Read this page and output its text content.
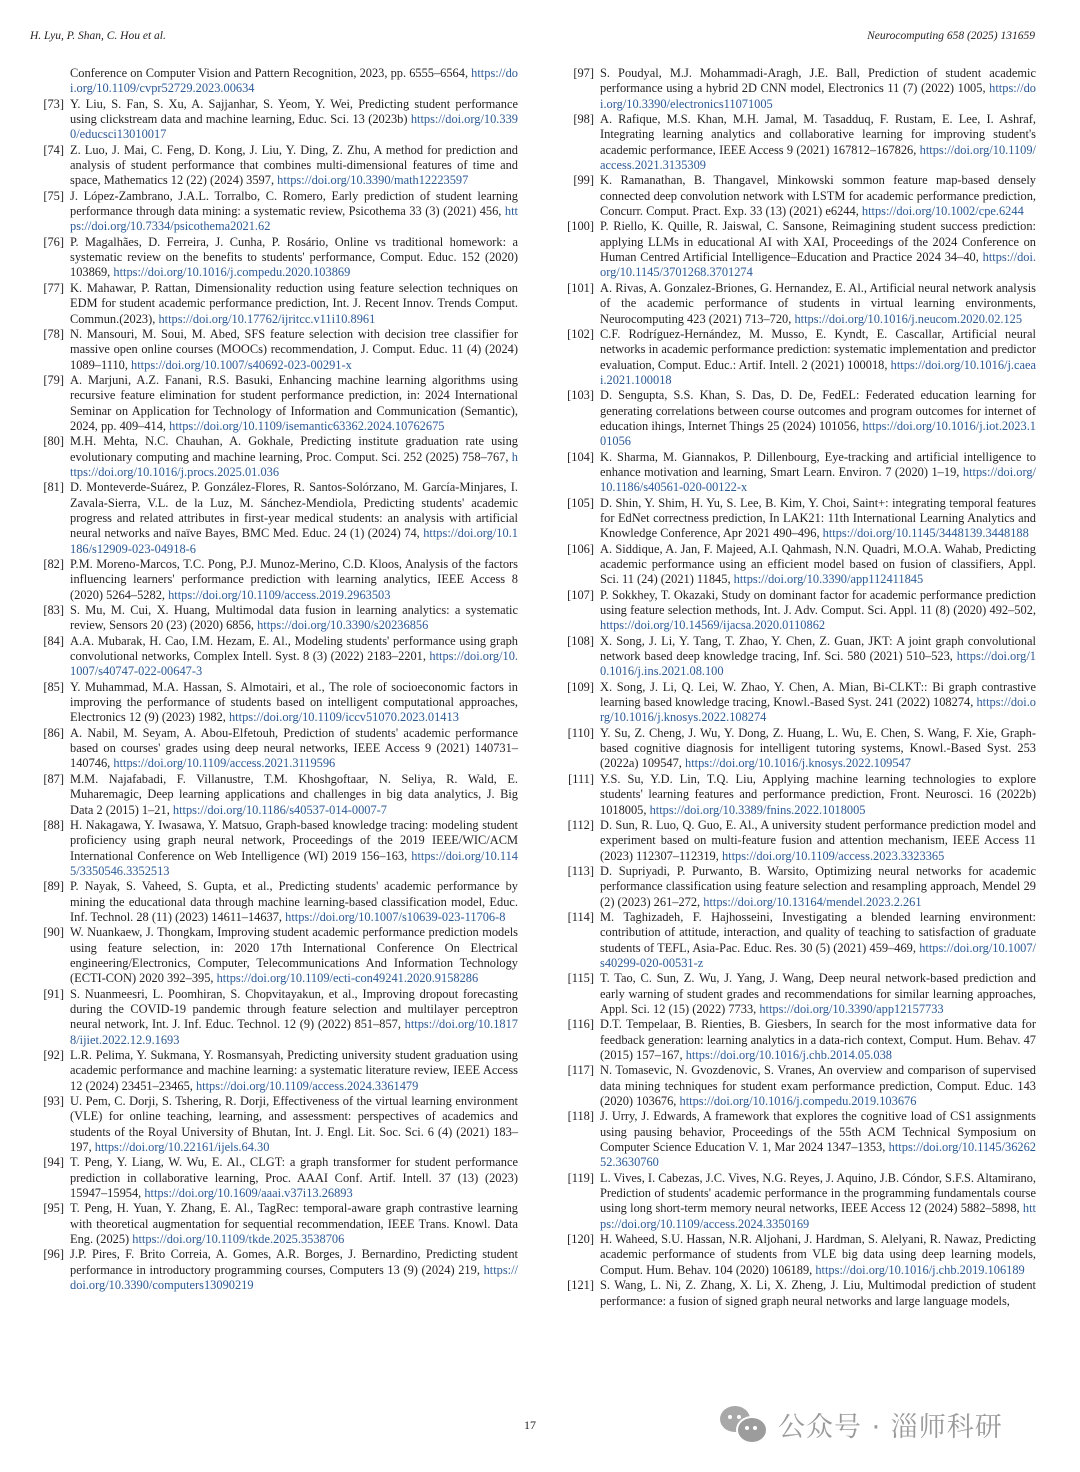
H. Lyu, P. Shan, C. Hou et al.	Neurocomputing 658 (2025) 131659
Conference on Computer Vision and Pattern Recognition, 2023, pp. 6555–6564, https://doi.org/10.1109/cvpr52729.2023.00634
[73] Y. Liu, S. Fan, S. Xu, A. Sajjanhar, S. Yeom, Y. Wei, Predicting student performance using clickstream data and machine learning, Educ. Sci. 13 (2023b) https://doi.org/10.3390/educsci13010017
[74] Z. Luo, J. Mai, C. Feng, D. Kong, J. Liu, Y. Ding, Z. Zhu, A method for prediction and analysis of student performance that combines multi-dimensional features of time and space, Mathematics 12 (22) (2024) 3597, https://doi.org/10.3390/math12223597
[75] J. López-Zambrano, J.A.L. Torralbo, C. Romero, Early prediction of student learning performance through data mining: a systematic review, Psicothema 33 (3) (2021) 456, https://doi.org/10.7334/psicothema2021.62
[76] P. Magalhães, D. Ferreira, J. Cunha, P. Rosário, Online vs traditional homework: a systematic review on the benefits to students' performance, Comput. Educ. 152 (2020) 103869, https://doi.org/10.1016/j.compedu.2020.103869
[77] K. Mahawar, P. Rattan, Dimensionality reduction using feature selection techniques on EDM for student academic performance prediction, Int. J. Recent Innov. Trends Comput. Commun.(2023), https://doi.org/10.17762/ijritcc.v11i10.8961
[78] N. Mansouri, M. Soui, M. Abed, SFS feature selection with decision tree classifier for massive open online courses (MOOCs) recommendation, J. Comput. Educ. 11 (4) (2024) 1089–1110, https://doi.org/10.1007/s40692-023-00291-x
[79] A. Marjuni, A.Z. Fanani, R.S. Basuki, Enhancing machine learning algorithms using recursive feature elimination for student performance prediction, in: 2024 International Seminar on Application for Technology of Information and Communication (Semantic), 2024, pp. 409–414, https://doi.org/10.1109/isemantic63362.2024.10762675
[80] M.H. Mehta, N.C. Chauhan, A. Gokhale, Predicting institute graduation rate using evolutionary computing and machine learning, Proc. Comput. Sci. 252 (2025) 758–767, https://doi.org/10.1016/j.procs.2025.01.036
[81] D. Monteverde-Suárez, P. González-Flores, R. Santos-Solórzano, M. García-Minjares, I. Zavala-Sierra, V.L. de la Luz, M. Sánchez-Mendiola, Predicting students' academic progress and related attributes in first-year medical students: an analysis with artificial neural networks and naïve Bayes, BMC Med. Educ. 24 (1) (2024) 74, https://doi.org/10.1186/s12909-023-04918-6
[82] P.M. Moreno-Marcos, T.C. Pong, P.J. Munoz-Merino, C.D. Kloos, Analysis of the factors influencing learners' performance prediction with learning analytics, IEEE Access 8 (2020) 5264–5282, https://doi.org/10.1109/access.2019.2963503
[83] S. Mu, M. Cui, X. Huang, Multimodal data fusion in learning analytics: a systematic review, Sensors 20 (23) (2020) 6856, https://doi.org/10.3390/s20236856
[84] A.A. Mubarak, H. Cao, I.M. Hezam, E. Al., Modeling students' performance using graph convolutional networks, Complex Intell. Syst. 8 (3) (2022) 2183–2201, https://doi.org/10.1007/s40747-022-00647-3
[85] Y. Muhammad, M.A. Hassan, S. Almotairi, et al., The role of socioeconomic factors in improving the performance of students based on intelligent computational approaches, Electronics 12 (9) (2023) 1982, https://doi.org/10.1109/iccv51070.2023.01413
[86] A. Nabil, M. Seyam, A. Abou-Elfetouh, Prediction of students' academic performance based on courses' grades using deep neural networks, IEEE Access 9 (2021) 140731–140746, https://doi.org/10.1109/access.2021.3119596
[87] M.M. Najafabadi, F. Villanustre, T.M. Khoshgoftaar, N. Seliya, R. Wald, E. Muharemagic, Deep learning applications and challenges in big data analytics, J. Big Data 2 (2015) 1–21, https://doi.org/10.1186/s40537-014-0007-7
[88] H. Nakagawa, Y. Iwasawa, Y. Matsuo, Graph-based knowledge tracing: modeling student proficiency using graph neural network, Proceedings of the 2019 IEEE/WIC/ACM International Conference on Web Intelligence (WI) 2019 156–163, https://doi.org/10.1145/3350546.3352513
[89] P. Nayak, S. Vaheed, S. Gupta, et al., Predicting students' academic performance by mining the educational data through machine learning-based classification model, Educ. Inf. Technol. 28 (11) (2023) 14611–14637, https://doi.org/10.1007/s10639-023-11706-8
[90] W. Nuankaew, J. Thongkam, Improving student academic performance prediction models using feature selection, in: 2020 17th International Conference On Electrical engineering/Electronics, Computer, Telecommunications And Information Technology (ECTI-CON) 2020 392–395, https://doi.org/10.1109/ecti-con49241.2020.9158286
[91] S. Nuanmeesri, L. Poomhiran, S. Chopvitayakun, et al., Improving dropout forecasting during the COVID-19 pandemic through feature selection and multilayer perceptron neural network, Int. J. Inf. Educ. Technol. 12 (9) (2022) 851–857, https://doi.org/10.18178/ijiet.2022.12.9.1693
[92] L.R. Pelima, Y. Sukmana, Y. Rosmansyah, Predicting university student graduation using academic performance and machine learning: a systematic literature review, IEEE Access 12 (2024) 23451–23465, https://doi.org/10.1109/access.2024.3361479
[93] U. Pem, C. Dorji, S. Tshering, R. Dorji, Effectiveness of the virtual learning environment (VLE) for online teaching, learning, and assessment: perspectives of academics and students of the Royal University of Bhutan, Int. J. Engl. Lit. Soc. Sci. 6 (4) (2021) 183–197, https://doi.org/10.22161/ijels.64.30
[94] T. Peng, Y. Liang, W. Wu, E. Al., CLGT: a graph transformer for student performance prediction in collaborative learning, Proc. AAAI Conf. Artif. Intell. 37 (13) (2023) 15947–15954, https://doi.org/10.1609/aaai.v37i13.26893
[95] T. Peng, H. Yuan, Y. Zhang, E. Al., TagRec: temporal-aware graph contrastive learning with theoretical augmentation for sequential recommendation, IEEE Trans. Knowl. Data Eng. (2025) https://doi.org/10.1109/tkde.2025.3538706
[96] J.P. Pires, F. Brito Correia, A. Gomes, A.R. Borges, J. Bernardino, Predicting student performance in introductory programming courses, Computers 13 (9) (2024) 219, https://doi.org/10.3390/computers13090219
[97] S. Poudyal, M.J. Mohammadi-Aragh, J.E. Ball, Prediction of student academic performance using a hybrid 2D CNN model, Electronics 11 (7) (2022) 1005, https://doi.org/10.3390/electronics11071005
[98] A. Rafique, M.S. Khan, M.H. Jamal, M. Tasadduq, F. Rustam, E. Lee, I. Ashraf, Integrating learning analytics and collaborative learning for improving student's academic performance, IEEE Access 9 (2021) 167812–167826, https://doi.org/10.1109/access.2021.3135309
[99] K. Ramanathan, B. Thangavel, Minkowski sommon feature map-based densely connected deep convolution network with LSTM for academic performance prediction, Concurr. Comput. Pract. Exp. 33 (13) (2021) e6244, https://doi.org/10.1002/cpe.6244
[100] P. Riello, K. Quille, R. Jaiswal, C. Sansone, Reimagining student success prediction: applying LLMs in educational AI with XAI, Proceedings of the 2024 Conference on Human Centred Artificial Intelligence–Education and Practice 2024 34–40, https://doi.org/10.1145/3701268.3701274
[101] A. Rivas, A. Gonzalez-Briones, G. Hernandez, E. Al., Artificial neural network analysis of the academic performance of students in virtual learning environments, Neurocomputing 423 (2021) 713–720, https://doi.org/10.1016/j.neucom.2020.02.125
[102] C.F. Rodríguez-Hernández, M. Musso, E. Kyndt, E. Cascallar, Artificial neural networks in academic performance prediction: systematic implementation and predictor evaluation, Comput. Educ.: Artif. Intell. 2 (2021) 100018, https://doi.org/10.1016/j.caeai.2021.100018
[103] D. Sengupta, S.S. Khan, S. Das, D. De, FedEL: Federated education learning for generating correlations between course outcomes and program outcomes for internet of education ihings, Internet Things 25 (2024) 101056, https://doi.org/10.1016/j.iot.2023.101056
[104] K. Sharma, M. Giannakos, P. Dillenbourg, Eye-tracking and artificial intelligence to enhance motivation and learning, Smart Learn. Environ. 7 (2020) 1–19, https://doi.org/10.1186/s40561-020-00122-x
[105] D. Shin, Y. Shim, H. Yu, S. Lee, B. Kim, Y. Choi, Saint+: integrating temporal features for EdNet correctness prediction, In LAK21: 11th International Learning Analytics and Knowledge Conference, Apr 2021 490–496, https://doi.org/10.1145/3448139.3448188
[106] A. Siddique, A. Jan, F. Majeed, A.I. Qahmash, N.N. Quadri, M.O.A. Wahab, Predicting academic performance using an efficient model based on fusion of classifiers, Appl. Sci. 11 (24) (2021) 11845, https://doi.org/10.3390/app112411845
[107] P. Sokkhey, T. Okazaki, Study on dominant factor for academic performance prediction using feature selection methods, Int. J. Adv. Comput. Sci. Appl. 11 (8) (2020) 492–502, https://doi.org/10.14569/ijacsa.2020.0110862
[108] X. Song, J. Li, Y. Tang, T. Zhao, Y. Chen, Z. Guan, JKT: A joint graph convolutional network based deep knowledge tracing, Inf. Sci. 580 (2021) 510–523, https://doi.org/10.1016/j.ins.2021.08.100
[109] X. Song, J. Li, Q. Lei, W. Zhao, Y. Chen, A. Mian, Bi-CLKT:: Bi graph contrastive learning based knowledge tracing, Knowl.-Based Syst. 241 (2022) 108274, https://doi.org/10.1016/j.knosys.2022.108274
[110] Y. Su, Z. Cheng, J. Wu, Y. Dong, Z. Huang, L. Wu, E. Chen, S. Wang, F. Xie, Graph-based cognitive diagnosis for intelligent tutoring systems, Knowl.-Based Syst. 253 (2022a) 109547, https://doi.org/10.1016/j.knosys.2022.109547
[111] Y.S. Su, Y.D. Lin, T.Q. Liu, Applying machine learning technologies to explore students' learning features and performance prediction, Front. Neurosci. 16 (2022b) 1018005, https://doi.org/10.3389/fnins.2022.1018005
[112] D. Sun, R. Luo, Q. Guo, E. Al., A university student performance prediction model and experiment based on multi-feature fusion and attention mechanism, IEEE Access 11 (2023) 112307–112319, https://doi.org/10.1109/access.2023.3323365
[113] D. Supriyadi, P. Purwanto, B. Warsito, Optimizing neural networks for academic performance classification using feature selection and resampling approach, Mendel 29 (2) (2023) 261–272, https://doi.org/10.13164/mendel.2023.2.261
[114] M. Taghizadeh, F. Hajhosseini, Investigating a blended learning environment: contribution of attitude, interaction, and quality of teaching to satisfaction of graduate students of TEFL, Asia-Pac. Educ. Res. 30 (5) (2021) 459–469, https://doi.org/10.1007/s40299-020-00531-z
[115] T. Tao, C. Sun, Z. Wu, J. Yang, J. Wang, Deep neural network-based prediction and early warning of student grades and recommendations for similar learning approaches, Appl. Sci. 12 (15) (2022) 7733, https://doi.org/10.3390/app12157733
[116] D.T. Tempelaar, B. Rienties, B. Giesbers, In search for the most informative data for feedback generation: learning analytics in a data-rich context, Comput. Hum. Behav. 47 (2015) 157–167, https://doi.org/10.1016/j.chb.2014.05.038
[117] N. Tomasevic, N. Gvozdenovic, S. Vranes, An overview and comparison of supervised data mining techniques for student exam performance prediction, Comput. Educ. 143 (2020) 103676, https://doi.org/10.1016/j.compedu.2019.103676
[118] J. Urry, J. Edwards, A framework that explores the cognitive load of CS1 assignments using pausing behavior, Proceedings of the 55th ACM Technical Symposium on Computer Science Education V. 1, Mar 2024 1347–1353, https://doi.org/10.1145/3626252.3630760
[119] L. Vives, I. Cabezas, J.C. Vives, N.G. Reyes, J. Aquino, J.B. Cóndor, S.F.S. Altamirano, Prediction of students' academic performance in the programming fundamentals course using long short-term memory neural networks, IEEE Access 12 (2024) 5882–5898, https://doi.org/10.1109/access.2024.3350169
[120] H. Waheed, S.U. Hassan, N.R. Aljohani, J. Hardman, S. Alelyani, R. Nawaz, Predicting academic performance of students from VLE big data using deep learning models, Comput. Hum. Behav. 104 (2020) 106189, https://doi.org/10.1016/j.chb.2019.106189
[121] S. Wang, L. Ni, Z. Zhang, X. Li, X. Zheng, J. Liu, Multimodal prediction of student performance: a fusion of signed graph neural networks and large language models,
17	公众号 · 淄师科研
